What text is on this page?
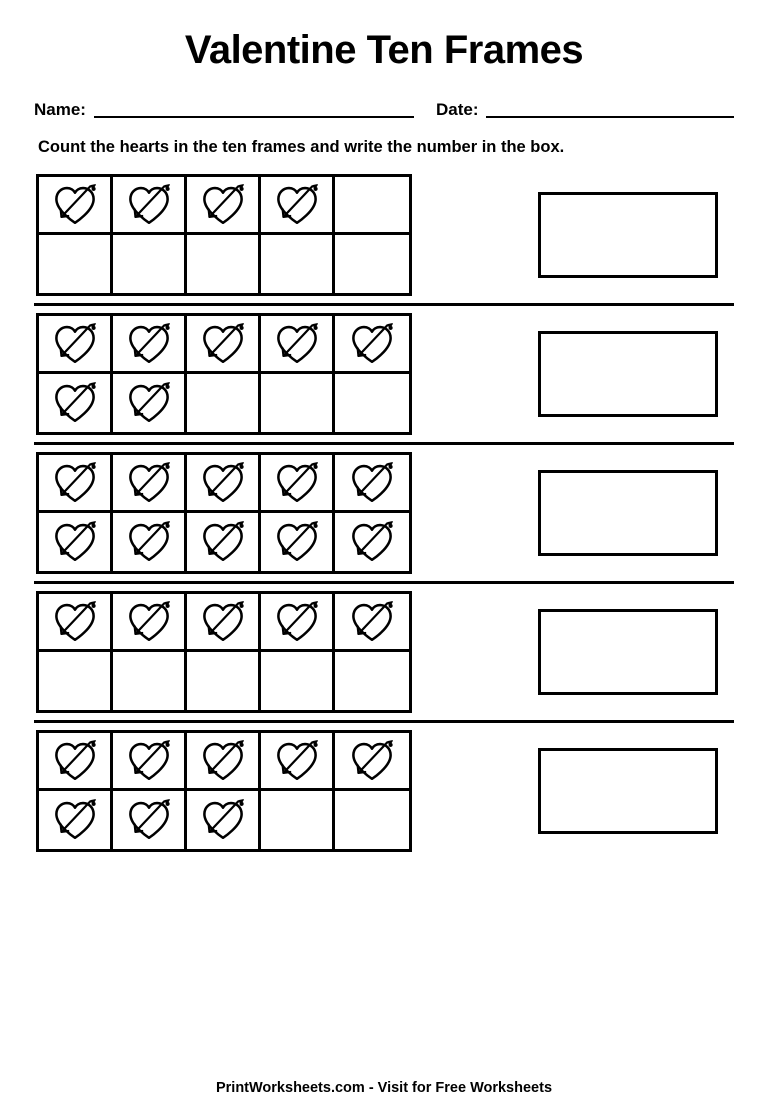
Valentine Ten Frames
Name:	Date:
Count the hearts in the ten frames and write the number in the box.
PrintWorksheets.com - Visit for Free Worksheets
